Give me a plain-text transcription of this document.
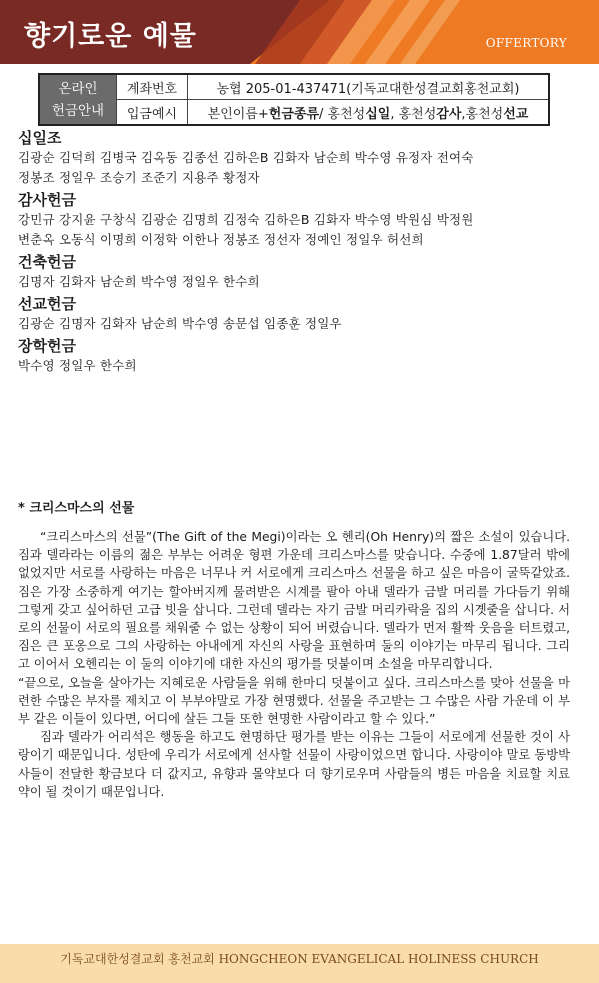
향기로운 예물	OFFERTORY
온라인
헌금안내	계좌번호	농협 205-01-437471(기독교대한성결교회홍천교회)
	입금예시	본인이름+헌금종류/ 홍천성십일, 홍천성감사,홍천성선교

십일조

김광순 김덕희 김병국 김옥동 김종선 김하은B 김화자 남순희 박수영 유정자 전여숙
정봉조 정일우 조승기 조준기 지용주 황정자

감사헌금

강민규 강지윤 구창식 김광순 김명희 김정숙 김하은B 김화자 박수영 박원심 박정원
변춘옥 오동식 이명희 이정학 이한나 정봉조 정선자 정예인 정일우 허선희

건축헌금

김명자 김화자 남순희 박수영 정일우 한수희

선교헌금

김광순 김명자 김화자 남순희 박수영 송문섭 임종훈 정일우

장학헌금

박수영 정일우 한수희

* 크리스마스의 선물

“크리스마스의 선물”(The Gift of the Megi)이라는 오 헨리(Oh Henry)의 짧은 소설이 있습니다. 짐과 델라라는 이름의 젊은 부부는 어려운 형편 가운데 크리스마스를 맞습니다. 수중에 1.87달러 밖에 없었지만 서로를 사랑하는 마음은 너무나 커 서로에게 크리스마스 선물을 하고 싶은 마음이 굴뚝같았죠. 짐은 가장 소중하게 여기는 할아버지께 물려받은 시계를 팔아 아내 델라가 금발 머리를 가다듬기 위해 그렇게 갖고 싶어하던 고급 빗을 삽니다. 그런데 델라는 자기 금발 머리카락을 집의 시곗줄을 삽니다. 서로의 선물이 서로의 필요를 채워줄 수 없는 상황이 되어 버렸습니다. 델라가 먼저 활짝 웃음을 터트렸고, 짐은 큰 포옹으로 그의 사랑하는 아내에게 자신의 사랑을 표현하며 둘의 이야기는 마무리 됩니다. 그리고 이어서 오헨리는 이 둘의 이야기에 대한 자신의 평가를 덧붙이며 소설을 마무리합니다.

“끝으로, 오늘을 살아가는 지혜로운 사람들을 위해 한마디 덧붙이고 싶다. 크리스마스를 맞아 선물을 마련한 수많은 부자를 제치고 이 부부야말로 가장 현명했다. 선물을 주고받는 그 수많은 사람 가운데 이 부부 같은 이들이 있다면, 어디에 살든 그들 또한 현명한 사람이라고 할 수 있다.”

짐과 델라가 어리석은 행동을 하고도 현명하단 평가를 받는 이유는 그들이 서로에게 선물한 것이 사랑이기 때문입니다. 성탄에 우리가 서로에게 선사할 선물이 사랑이었으면 합니다. 사랑이야 말로 동방박사들이 전달한 황금보다 더 값지고, 유향과 몰약보다 더 향기로우며 사람들의 병든 마음을 치료할 치료약이 될 것이기 때문입니다.

기독교대한성결교회 홍천교회 HONGCHEON EVANGELICAL HOLINESS CHURCH
